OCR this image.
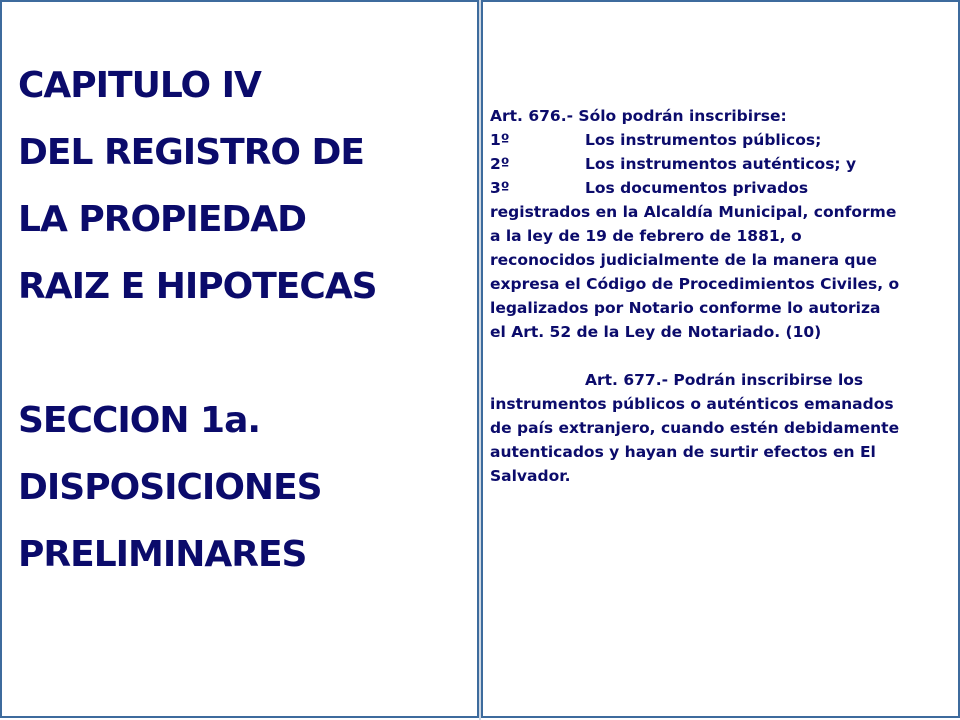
CAPITULO IV
DEL REGISTRO DE
LA PROPIEDAD
RAIZ E HIPOTECAS
SECCION 1a.
DISPOSICIONES
PRELIMINARES
Art. 676.- Sólo podrán inscribirse:
1º	Los instrumentos públicos;
2º	Los instrumentos auténticos; y
3º	Los documentos privados
registrados en la Alcaldía Municipal, conforme
a la ley de 19 de febrero de 1881, o
reconocidos judicialmente de la manera que
expresa el Código de Procedimientos Civiles, o
legalizados por Notario conforme lo autoriza
el Art. 52 de la Ley de Notariado. (10)
Art. 677.- Podrán inscribirse los
instrumentos públicos o auténticos emanados
de país extranjero, cuando estén debidamente
autenticados y hayan de surtir efectos en El
Salvador.
